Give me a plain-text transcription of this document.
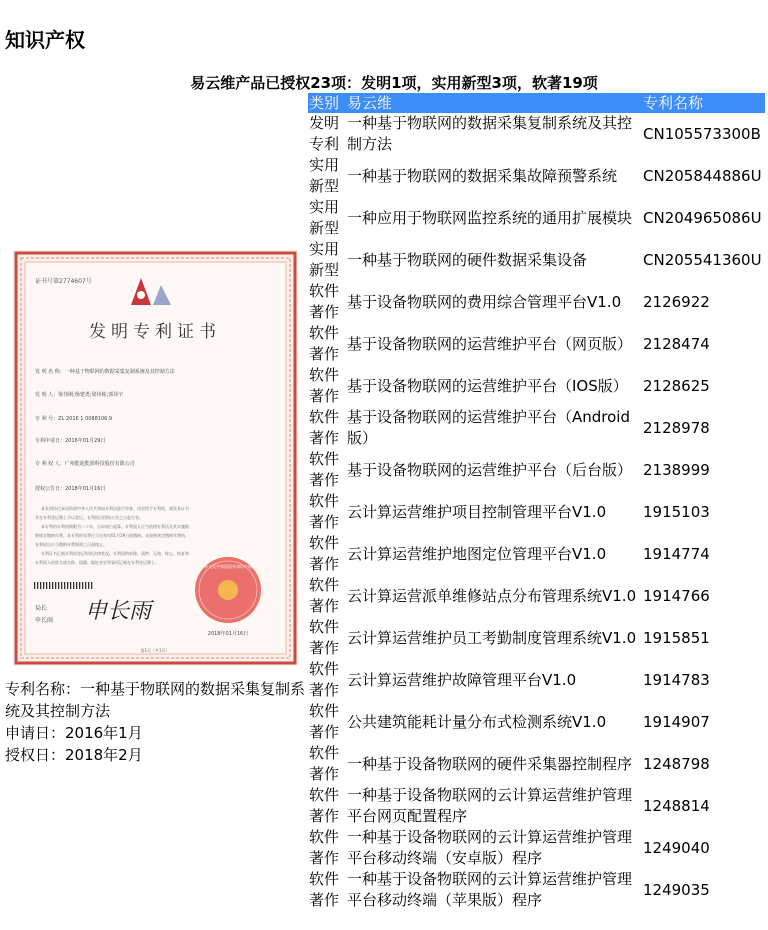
知识产权

易云维产品已授权23项：发明1项，实用新型3项，软著19项

证书号第2774607号
发明专利证书
发 明 名 称：一种基于物联网的数据采集复制系统及其控制方法
发 明 人：梁伟刚;杨建勇;梁伟栋;郭泽宇
专 利 号：ZL 2016 1 0088106.9
专利申请日：2016年01月29日
专 利 权 人：广州能迪能源科技股份有限公司
授权公告日：2018年01月16日
本发明经过本局依照中华人民共和国专利法进行审查，决定授予专利权，颁发本证书
并在专利登记簿上予以登记。专利权自授权公告之日起生效。
本专利的专利权期限为二十年，自申请日起算。专利权人应当依照专利法及其实施细
则规定缴纳年费。本专利的年费应当在每年01月29日前缴纳。未按照规定缴纳年费的，
专利权自应当缴纳年费期满之日起终止。
专利证书记载专利权登记时的法律状况。专利权的转移、质押、无效、终止、恢复和
专利权人的姓名或名称、国籍、地址变更等事项记载在专利登记簿上。
局长
申长雨 申长雨
中华人民共和国国家知识产权局
2018年01月16日
第1页（共1页）
专利名称：一种基于物联网的数据采集复制系统及其控制方法
申请日：2016年1月
授权日：2018年2月
类别	易云维	专利名称
发明专利	一种基于物联网的数据采集复制系统及其控制方法	CN105573300B
实用新型	一种基于物联网的数据采集故障预警系统	CN205844886U
实用新型	一种应用于物联网监控系统的通用扩展模块	CN204965086U
实用新型	一种基于物联网的硬件数据采集设备	CN205541360U
软件著作	基于设备物联网的费用综合管理平台V1.0	2126922
软件著作	基于设备物联网的运营维护平台（网页版）	2128474
软件著作	基于设备物联网的运营维护平台（IOS版）	2128625
软件著作	基于设备物联网的运营维护平台（Android版）	2128978
软件著作	基于设备物联网的运营维护平台（后台版）	2138999
软件著作	云计算运营维护项目控制管理平台V1.0	1915103
软件著作	云计算运营维护地图定位管理平台V1.0	1914774
软件著作	云计算运营派单维修站点分布管理系统V1.0	1914766
软件著作	云计算运营维护员工考勤制度管理系统V1.0	1915851
软件著作	云计算运营维护故障管理平台V1.0	1914783
软件著作	公共建筑能耗计量分布式检测系统V1.0	1914907
软件著作	一种基于设备物联网的硬件采集器控制程序	1248798
软件著作	一种基于设备物联网的云计算运营维护管理平台网页配置程序	1248814
软件著作	一种基于设备物联网的云计算运营维护管理平台移动终端（安卓版）程序	1249040
软件著作	一种基于设备物联网的云计算运营维护管理平台移动终端（苹果版）程序	1249035
